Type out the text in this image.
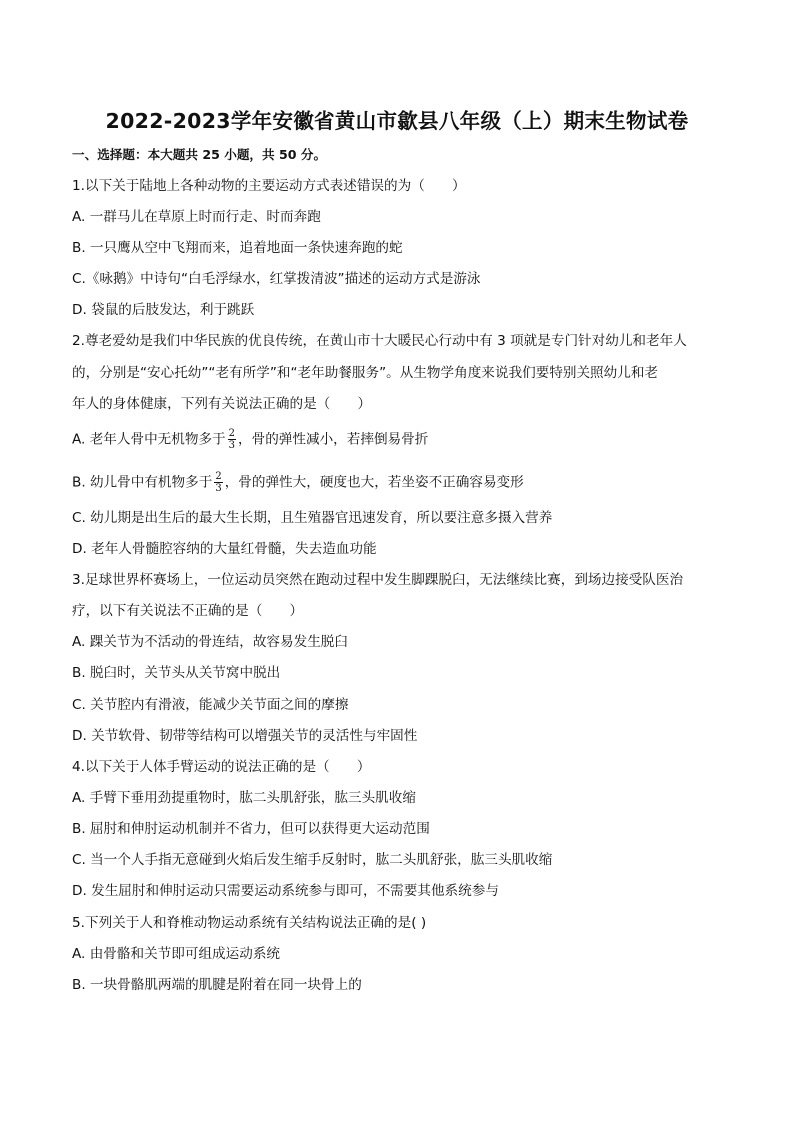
2022-2023学年安徽省黄山市歙县八年级（上）期末生物试卷
一、选择题：本大题共 25 小题，共 50 分。
1.以下关于陆地上各种动物的主要运动方式表述错误的为（　　）
A. 一群马儿在草原上时而行走、时而奔跑
B. 一只鹰从空中飞翔而来，追着地面一条快速奔跑的蛇
C.《咏鹅》中诗句“白毛浮绿水，红掌拨清波”描述的运动方式是游泳
D. 袋鼠的后肢发达，利于跳跃
2.尊老爱幼是我们中华民族的优良传统，在黄山市十大暖民心行动中有 3 项就是专门针对幼儿和老年人
的，分别是“安心托幼”“老有所学”和“老年助餐服务”。从生物学角度来说我们要特别关照幼儿和老
年人的身体健康，下列有关说法正确的是（　　）
A. 老年人骨中无机物多于 $\frac{2}{3}$ ，骨的弹性减小，若摔倒易骨折
B. 幼儿骨中有机物多于 $\frac{2}{3}$ ，骨的弹性大，硬度也大，若坐姿不正确容易变形
C. 幼儿期是出生后的最大生长期，且生殖器官迅速发育，所以要注意多摄入营养
D. 老年人骨髓腔容纳的大量红骨髓，失去造血功能
3.足球世界杯赛场上，一位运动员突然在跑动过程中发生脚踝脱臼，无法继续比赛，到场边接受队医治
疗，以下有关说法不正确的是（　　）
A. 踝关节为不活动的骨连结，故容易发生脱臼
B. 脱臼时，关节头从关节窝中脱出
C. 关节腔内有滑液，能减少关节面之间的摩擦
D. 关节软骨、韧带等结构可以增强关节的灵活性与牢固性
4.以下关于人体手臂运动的说法正确的是（　　）
A. 手臂下垂用劲提重物时，肱二头肌舒张，肱三头肌收缩
B. 屈肘和伸肘运动机制并不省力，但可以获得更大运动范围
C. 当一个人手指无意碰到火焰后发生缩手反射时，肱二头肌舒张，肱三头肌收缩
D. 发生屈肘和伸肘运动只需要运动系统参与即可，不需要其他系统参与
5.下列关于人和脊椎动物运动系统有关结构说法正确的是( )
A. 由骨骼和关节即可组成运动系统
B. 一块骨骼肌两端的肌腱是附着在同一块骨上的
